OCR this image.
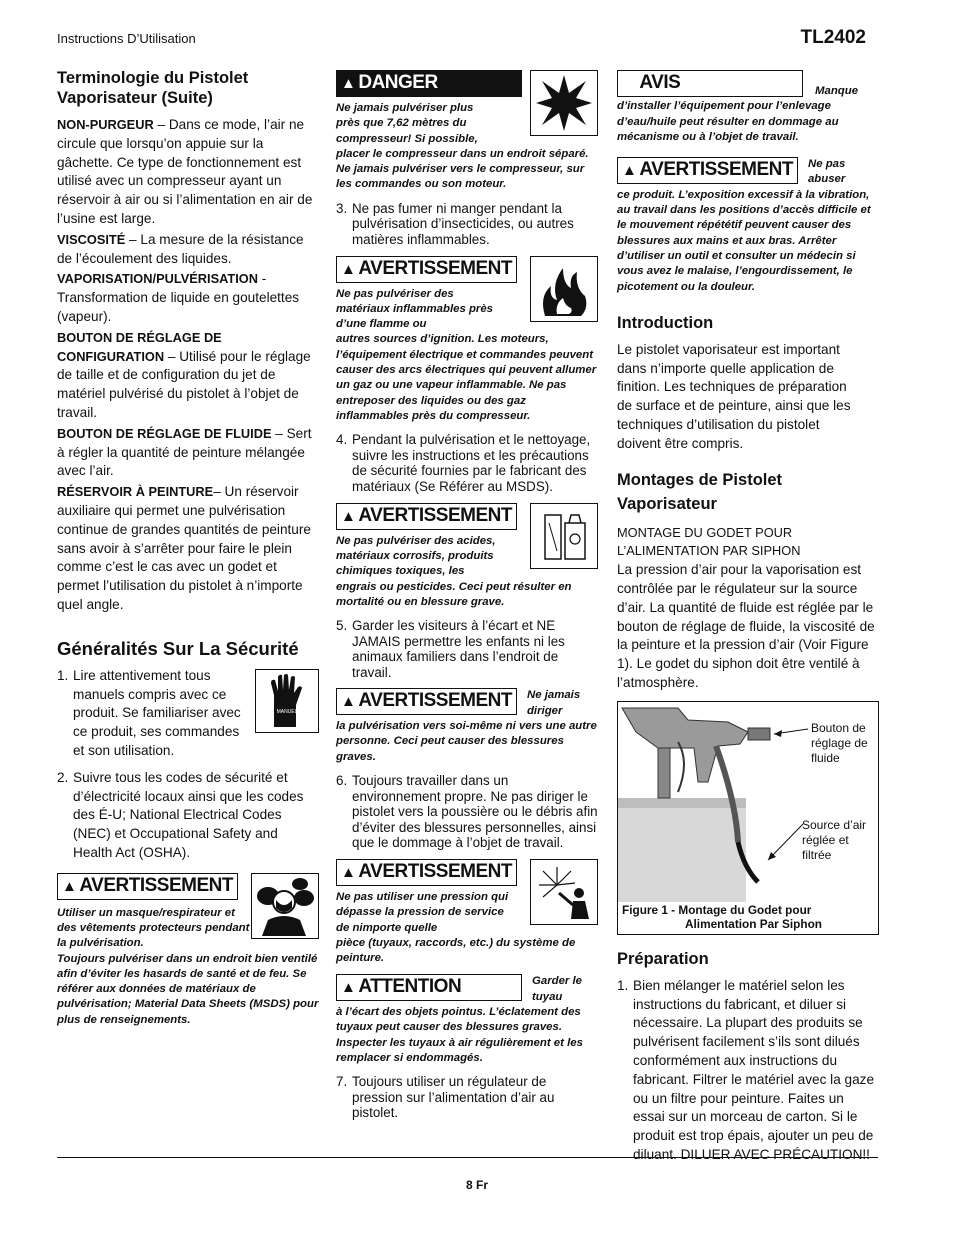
Instructions D’Utilisation	TL2402
Terminologie du Pistolet Vaporisateur (Suite)

NON-PURGEUR – Dans ce mode, l’air ne circule que lorsqu’on appuie sur la gâchette. Ce type de fonctionnement est utilisé avec un compresseur ayant un réservoir à air ou si l’alimentation en air de l’usine est large.

VISCOSITÉ – La mesure de la résistance de l’écoulement des liquides.

VAPORISATION/PULVÉRISATION - Transformation de liquide en goutelettes (vapeur).

BOUTON DE RÉGLAGE DE CONFIGURATION – Utilisé pour le réglage de taille et de configuration du jet de matériel pulvérisé du pistolet à l’objet de travail.

BOUTON DE RÉGLAGE DE FLUIDE – Sert à régler la quantité de peinture mélangée avec l’air.

RÉSERVOIR À PEINTURE– Un réservoir auxiliaire qui permet une pulvérisation continue de grandes quantités de peinture sans avoir à s’arrêter pour faire le plein comme c’est le cas avec un godet et permet l’utilisation du pistolet à n’importe quel angle.

Généralités Sur La Sécurité
MANUEL
1. Lire attentivement tous manuels compris avec ce produit. Se familiariser avec ce produit, ses commandes et son utilisation.
2. Suivre tous les codes de sécurité et d’électricité locaux ainsi que les codes des É-U; National Electrical Codes (NEC) et Occupational Safety and Health Act (OSHA).
▲ AVERTISSEMENT
Utiliser un masque/respirateur et des vêtements protecteurs pendant la pulvérisation.
Toujours pulvériser dans un endroit bien ventilé afin d’éviter les hasards de santé et de feu. Se référer aux données de matériaux de pulvérisation; Material Data Sheets (MSDS) pour plus de renseignements.
▲ DANGER
Ne jamais pulvériser plus près que 7,62 mètres du compresseur! Si possible,
placer le compresseur dans un endroit séparé. Ne jamais pulvériser vers le compresseur, sur les commandes ou son moteur.
3. Ne pas fumer ni manger pendant la pulvérisation d’insecticides, ou autres matières inflammables.
▲ AVERTISSEMENT
Ne pas pulvériser des matériaux inflammables près d’une flamme ou
autres sources d’ignition. Les moteurs, l’équipement électrique et commandes peuvent causer des arcs électriques qui peuvent allumer un gaz ou une vapeur inflammable. Ne pas entreposer des liquides ou des gaz inflammables près du compresseur.
4. Pendant la pulvérisation et le nettoyage, suivre les instructions et les précautions de sécurité fournies par le fabricant des matériaux (Se Référer au MSDS).
▲ AVERTISSEMENT
Ne pas pulvériser des acides, matériaux corrosifs, produits chimiques toxiques, les
engrais ou pesticides. Ceci peut résulter en mortalité ou en blessure grave.
5. Garder les visiteurs à l’écart et NE JAMAIS permettre les enfants ni les animaux familiers dans l’endroit de travail.
▲ AVERTISSEMENT	Ne jamais diriger
la pulvérisation vers soi-même ni vers une autre personne. Ceci peut causer des blessures graves.
6. Toujours travailler dans un environnement propre. Ne pas diriger le pistolet vers la poussière ou le débris afin d’éviter des blessures personnelles, ainsi que le dommage à l’objet de travail.
▲ AVERTISSEMENT
Ne pas utiliser une pression qui dépasse la pression de service de nimporte quelle
pièce (tuyaux, raccords, etc.) du système de peinture.
▲ ATTENTION	Garder le tuyau
à l’écart des objets pointus. L’éclatement des tuyaux peut causer des blessures graves. Inspecter les tuyaux à air régulièrement et les remplacer si endommagés.
7. Toujours utiliser un régulateur de pression sur l’alimentation d’air au pistolet.
AVIS	Manque
d’installer l’équipement pour l’enlevage d’eau/huile peut résulter en dommage au mécanisme ou à l’objet de travail.
▲ AVERTISSEMENT	Ne pas abuser
ce produit. L’exposition excessif à la vibration, au travail dans les positions d’accès difficile et le mouvement répététif peuvent causer des blessures aux mains et aux bras. Arrêter d’utiliser un outil et consulter un médecin si vous avez le malaise, l’engourdissement, le picotement ou la douleur.
Introduction

Le pistolet vaporisateur est important dans n’importe quelle application de finition. Les techniques de préparation de surface et de peinture, ainsi que les techniques d’utilisation du pistolet doivent être compris.

Montages de Pistolet Vaporisateur

MONTAGE DU GODET POUR L’ALIMENTATION PAR SIPHON

La pression d’air pour la vaporisation est contrôlée par le régulateur sur la source d’air. La quantité de fluide est réglée par le bouton de réglage de fluide, la viscosité de la peinture et la pression d’air (Voir Figure 1). Le godet du siphon doit être ventilé à l’atmosphère.

Bouton de réglage de fluide
Source d’air réglée et filtrée
Figure 1 - Montage du Godet pour
Alimentation Par Siphon
Préparation
1. Bien mélanger le matériel selon les instructions du fabricant, et diluer si nécessaire. La plupart des produits se pulvérisent facilement s’ils sont dilués conformément aux instructions du fabricant. Filtrer le matériel avec la gaze ou un filtre pour peinture. Faites un essai sur un morceau de carton. Si le produit est trop épais, ajouter un peu de diluant. DILUER AVEC PRÉCAUTION!!
8 Fr
